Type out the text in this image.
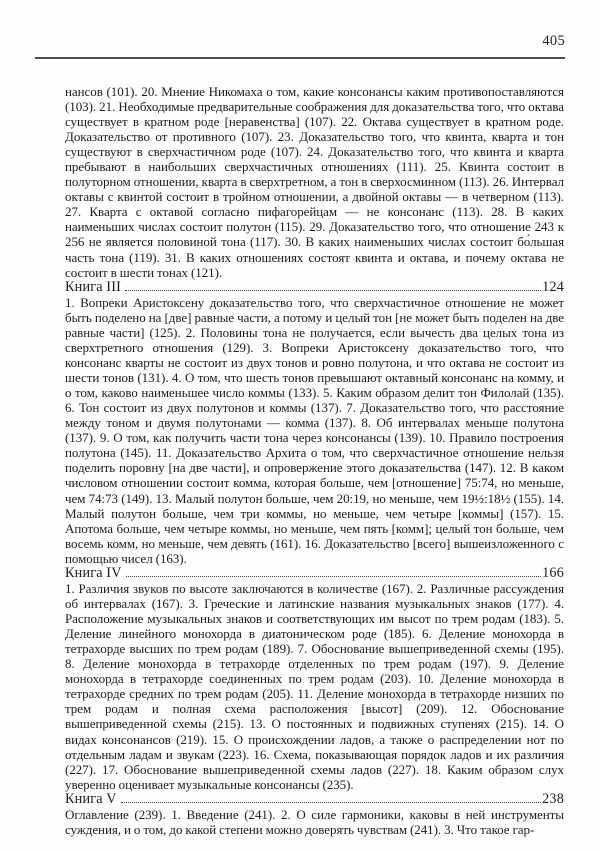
405

нансов (101). 20. Мнение Никомаха о том, какие консонансы каким противопоставляются (103). 21. Необходимые предварительные соображения для доказательства того, что октава существует в кратном роде [неравенства] (107). 22. Октава существует в кратном роде. Доказательство от противного (107). 23. Доказательство того, что квинта, кварта и тон существуют в сверхчастичном роде (107). 24. Доказательство того, что квинта и кварта пребывают в наибольших сверхчастичных отношениях (111). 25. Квинта состоит в полуторном отношении, кварта в сверхтретном, а тон в сверхосминном (113). 26. Интервал октавы с квинтой состоит в тройном отношении, а двойной октавы — в четверном (113). 27. Кварта с октавой согласно пифагорейцам — не консонанс (113). 28. В каких наименьших числах состоит полутон (115). 29. Доказательство того, что отношение 243 к 256 не является половиной тона (117). 30. В каких наименьших числах состоит бо́льшая часть тона (119). 31. В каких отношениях состоят квинта и октава, и почему октава не состоит в шести тонах (121).

Книга III	124

1. Вопреки Аристоксену доказательство того, что сверхчастичное отношение не может быть поделено на [две] равные части, а потому и целый тон [не может быть поделен на две равные части] (125). 2. Половины тона не получается, если вычесть два целых тона из сверхтретного отношения (129). 3. Вопреки Аристоксену доказательство того, что консонанс кварты не состоит из двух тонов и ровно полутона, и что октава не состоит из шести тонов (131). 4. О том, что шесть тонов превышают октавный консонанс на комму, и о том, каково наименьшее число коммы (133). 5. Каким образом делит тон Филолай (135). 6. Тон состоит из двух полутонов и коммы (137). 7. Доказательство того, что расстояние между тоном и двумя полутонами — комма (137). 8. Об интервалах меньше полутона (137). 9. О том, как получить части тона через консонансы (139). 10. Правило построения полутона (145). 11. Доказательство Архита о том, что сверхчастичное отношение нельзя поделить поровну [на две части], и опровержение этого доказательства (147). 12. В каком числовом отношении состоит комма, которая больше, чем [отношение] 75:74, но меньше, чем 74:73 (149). 13. Малый полутон больше, чем 20:19, но меньше, чем 19½:18½ (155). 14. Малый полутон больше, чем три коммы, но меньше, чем четыре [коммы] (157). 15. Апотома больше, чем четыре коммы, но меньше, чем пять [комм]; целый тон больше, чем восемь комм, но меньше, чем девять (161). 16. Доказательство [всего] вышеизложенного с помощью чисел (163).

Книга IV	166

1. Различия звуков по высоте заключаются в количестве (167). 2. Различные рассуждения об интервалах (167). 3. Греческие и латинские названия музыкальных знаков (177). 4. Расположение музыкальных знаков и соответствующих им высот по трем родам (183). 5. Деление линейного монохорда в диатоническом роде (185). 6. Деление монохорда в тетрахорде высших по трем родам (189). 7. Обоснование вышеприведенной схемы (195). 8. Деление монохорда в тетрахорде отделенных по трем родам (197). 9. Деление монохорда в тетрахорде соединенных по трем родам (203). 10. Деление монохорда в тетрахорде средних по трем родам (205). 11. Деление монохорда в тетрахорде низших по трем родам и полная схема расположения [высот] (209). 12. Обоснование вышеприведенной схемы (215). 13. О постоянных и подвижных ступенях (215). 14. О видах консонансов (219). 15. О происхождении ладов, а также о распределении нот по отдельным ладам и звукам (223). 16. Схема, показывающая порядок ладов и их различия (227). 17. Обоснование вышеприведенной схемы ладов (227). 18. Каким образом слух уверенно оценивает музыкальные консонансы (235).

Книга V	238

Оглавление (239). 1. Введение (241). 2. О силе гармоники, каковы в ней инструменты суждения, и о том, до какой степени можно доверять чувствам (241). 3. Что такое гар-
